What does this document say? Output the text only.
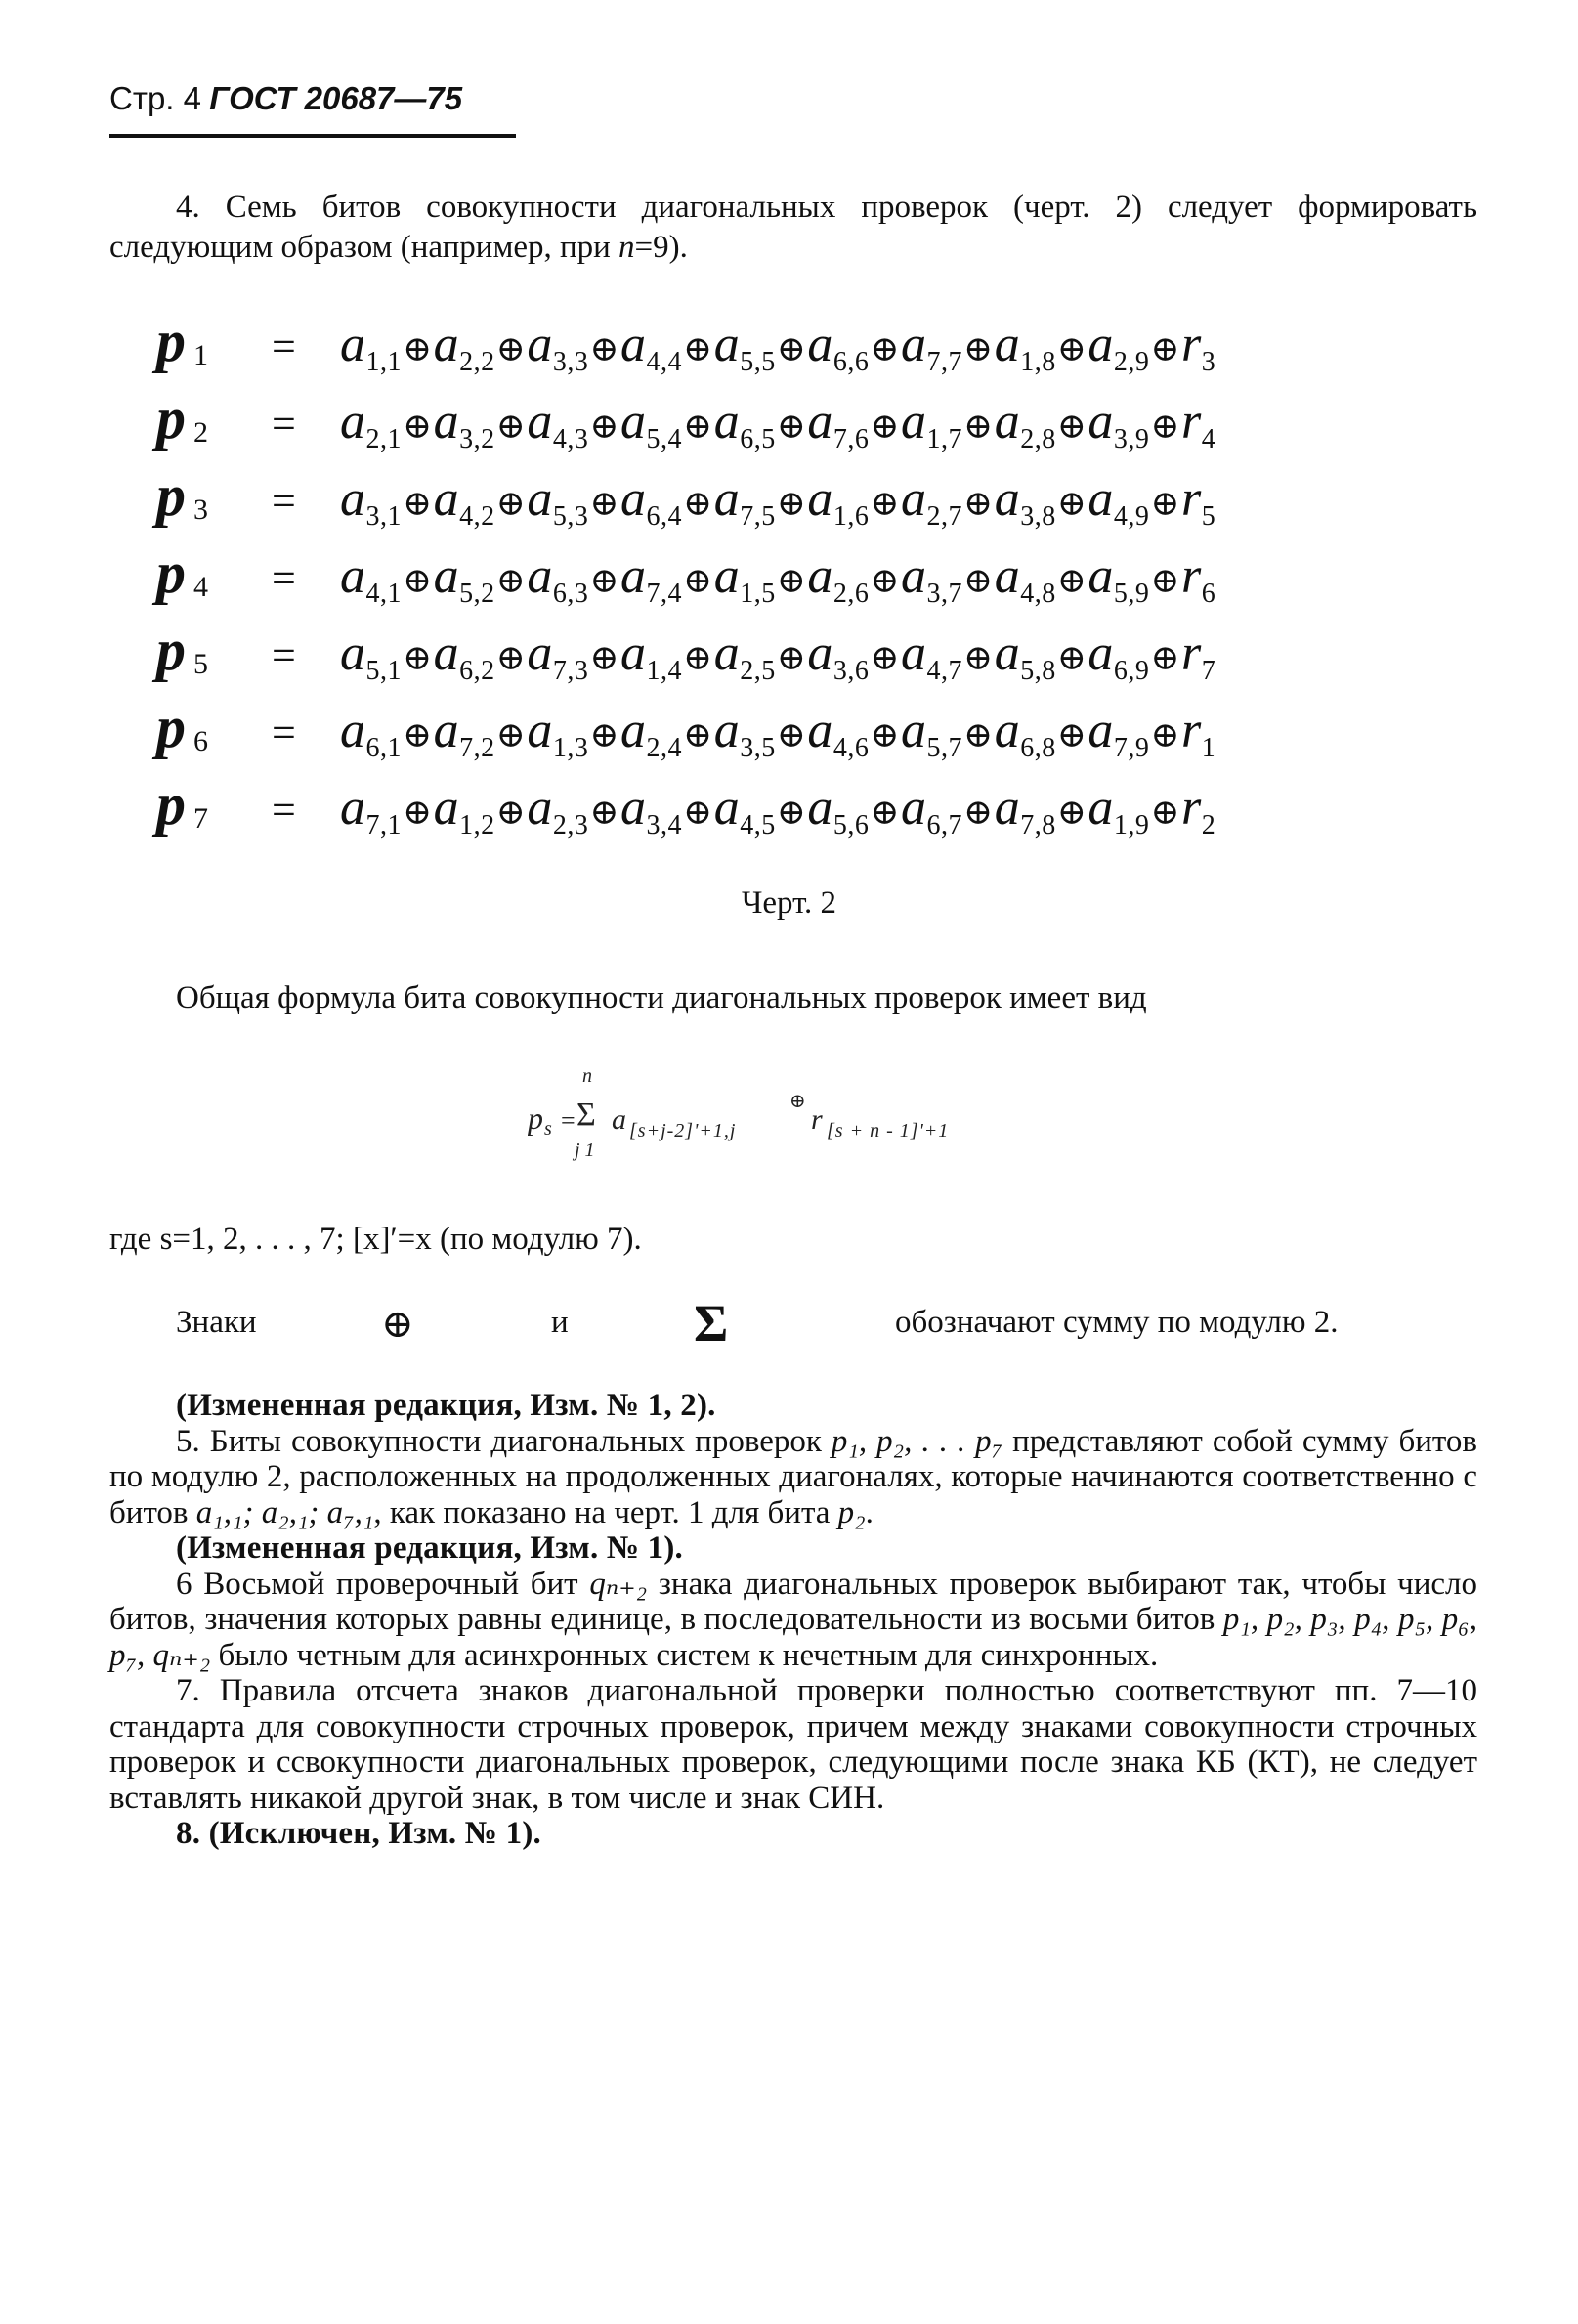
Стр. 4 ГОСТ 20687—75
4. Семь битов совокупности диагональных проверок (черт. 2) следует формировать следующим образом (например, при n=9).
p $_1$	= $a_{1,1}\oplus a_{2,2}\oplus a_{3,3}\oplus a_{4,4}\oplus a_{5,5}\oplus a_{6,6}\oplus a_{7,7}\oplus a_{1,8}\oplus a_{2,9}\oplus r_3$
p $_2$	= $a_{2,1}\oplus a_{3,2}\oplus a_{4,3}\oplus a_{5,4}\oplus a_{6,5}\oplus a_{7,6}\oplus a_{1,7}\oplus a_{2,8}\oplus a_{3,9}\oplus r_4$
p $_3$	= $a_{3,1}\oplus a_{4,2}\oplus a_{5,3}\oplus a_{6,4}\oplus a_{7,5}\oplus a_{1,6}\oplus a_{2,7}\oplus a_{3,8}\oplus a_{4,9}\oplus r_5$
p $_4$	= $a_{4,1}\oplus a_{5,2}\oplus a_{6,3}\oplus a_{7,4}\oplus a_{1,5}\oplus a_{2,6}\oplus a_{3,7}\oplus a_{4,8}\oplus a_{5,9}\oplus r_6$
p $_5$	= $a_{5,1}\oplus a_{6,2}\oplus a_{7,3}\oplus a_{1,4}\oplus a_{2,5}\oplus a_{3,6}\oplus a_{4,7}\oplus a_{5,8}\oplus a_{6,9}\oplus r_7$
p $_6$	= $a_{6,1}\oplus a_{7,2}\oplus a_{1,3}\oplus a_{2,4}\oplus a_{3,5}\oplus a_{4,6}\oplus a_{5,7}\oplus a_{6,8}\oplus a_{7,9}\oplus r_1$
p $_7$	= $a_{7,1}\oplus a_{1,2}\oplus a_{2,3}\oplus a_{3,4}\oplus a_{4,5}\oplus a_{5,6}\oplus a_{6,7}\oplus a_{7,8}\oplus a_{1,9}\oplus r_2$
Черт. 2
Общая формула бита совокупности диагональных проверок имеет вид
p s =
n
Σ
j 1
a [s+j-2]'+1,j
⊕
r [s + n - 1]'+1
где s=1, 2, . . . , 7; [x]′=x (по модулю 7).
Знаки	⊕	и Σ	обозначают сумму по модулю 2.

(Измененная редакция, Изм. № 1, 2).

5. Биты совокупности диагональных проверок p₁, p₂, . . . p₇ представляют собой сумму битов по модулю 2, расположенных на продолженных диагоналях, которые начинаются соответственно с битов a₁,₁; a₂,₁; a₇,₁, как показано на черт. 1 для бита p₂.

(Измененная редакция, Изм. № 1).

6 Восьмой проверочный бит qₙ₊₂ знака диагональных проверок выбирают так, чтобы число битов, значения которых равны единице, в последовательности из восьми битов p₁, p₂, p₃, p₄, p₅, p₆, p₇, qₙ₊₂ было четным для асинхронных систем к нечетным для синхронных.

7. Правила отсчета знаков диагональной проверки полностью соответствуют пп. 7—10 стандарта для совокупности строчных проверок, причем между знаками совокупности строчных проверок и ссвокупности диагональных проверок, следующими после знака КБ (КТ), не следует вставлять никакой другой знак, в том числе и знак СИН.

8. (Исключен, Изм. № 1).
